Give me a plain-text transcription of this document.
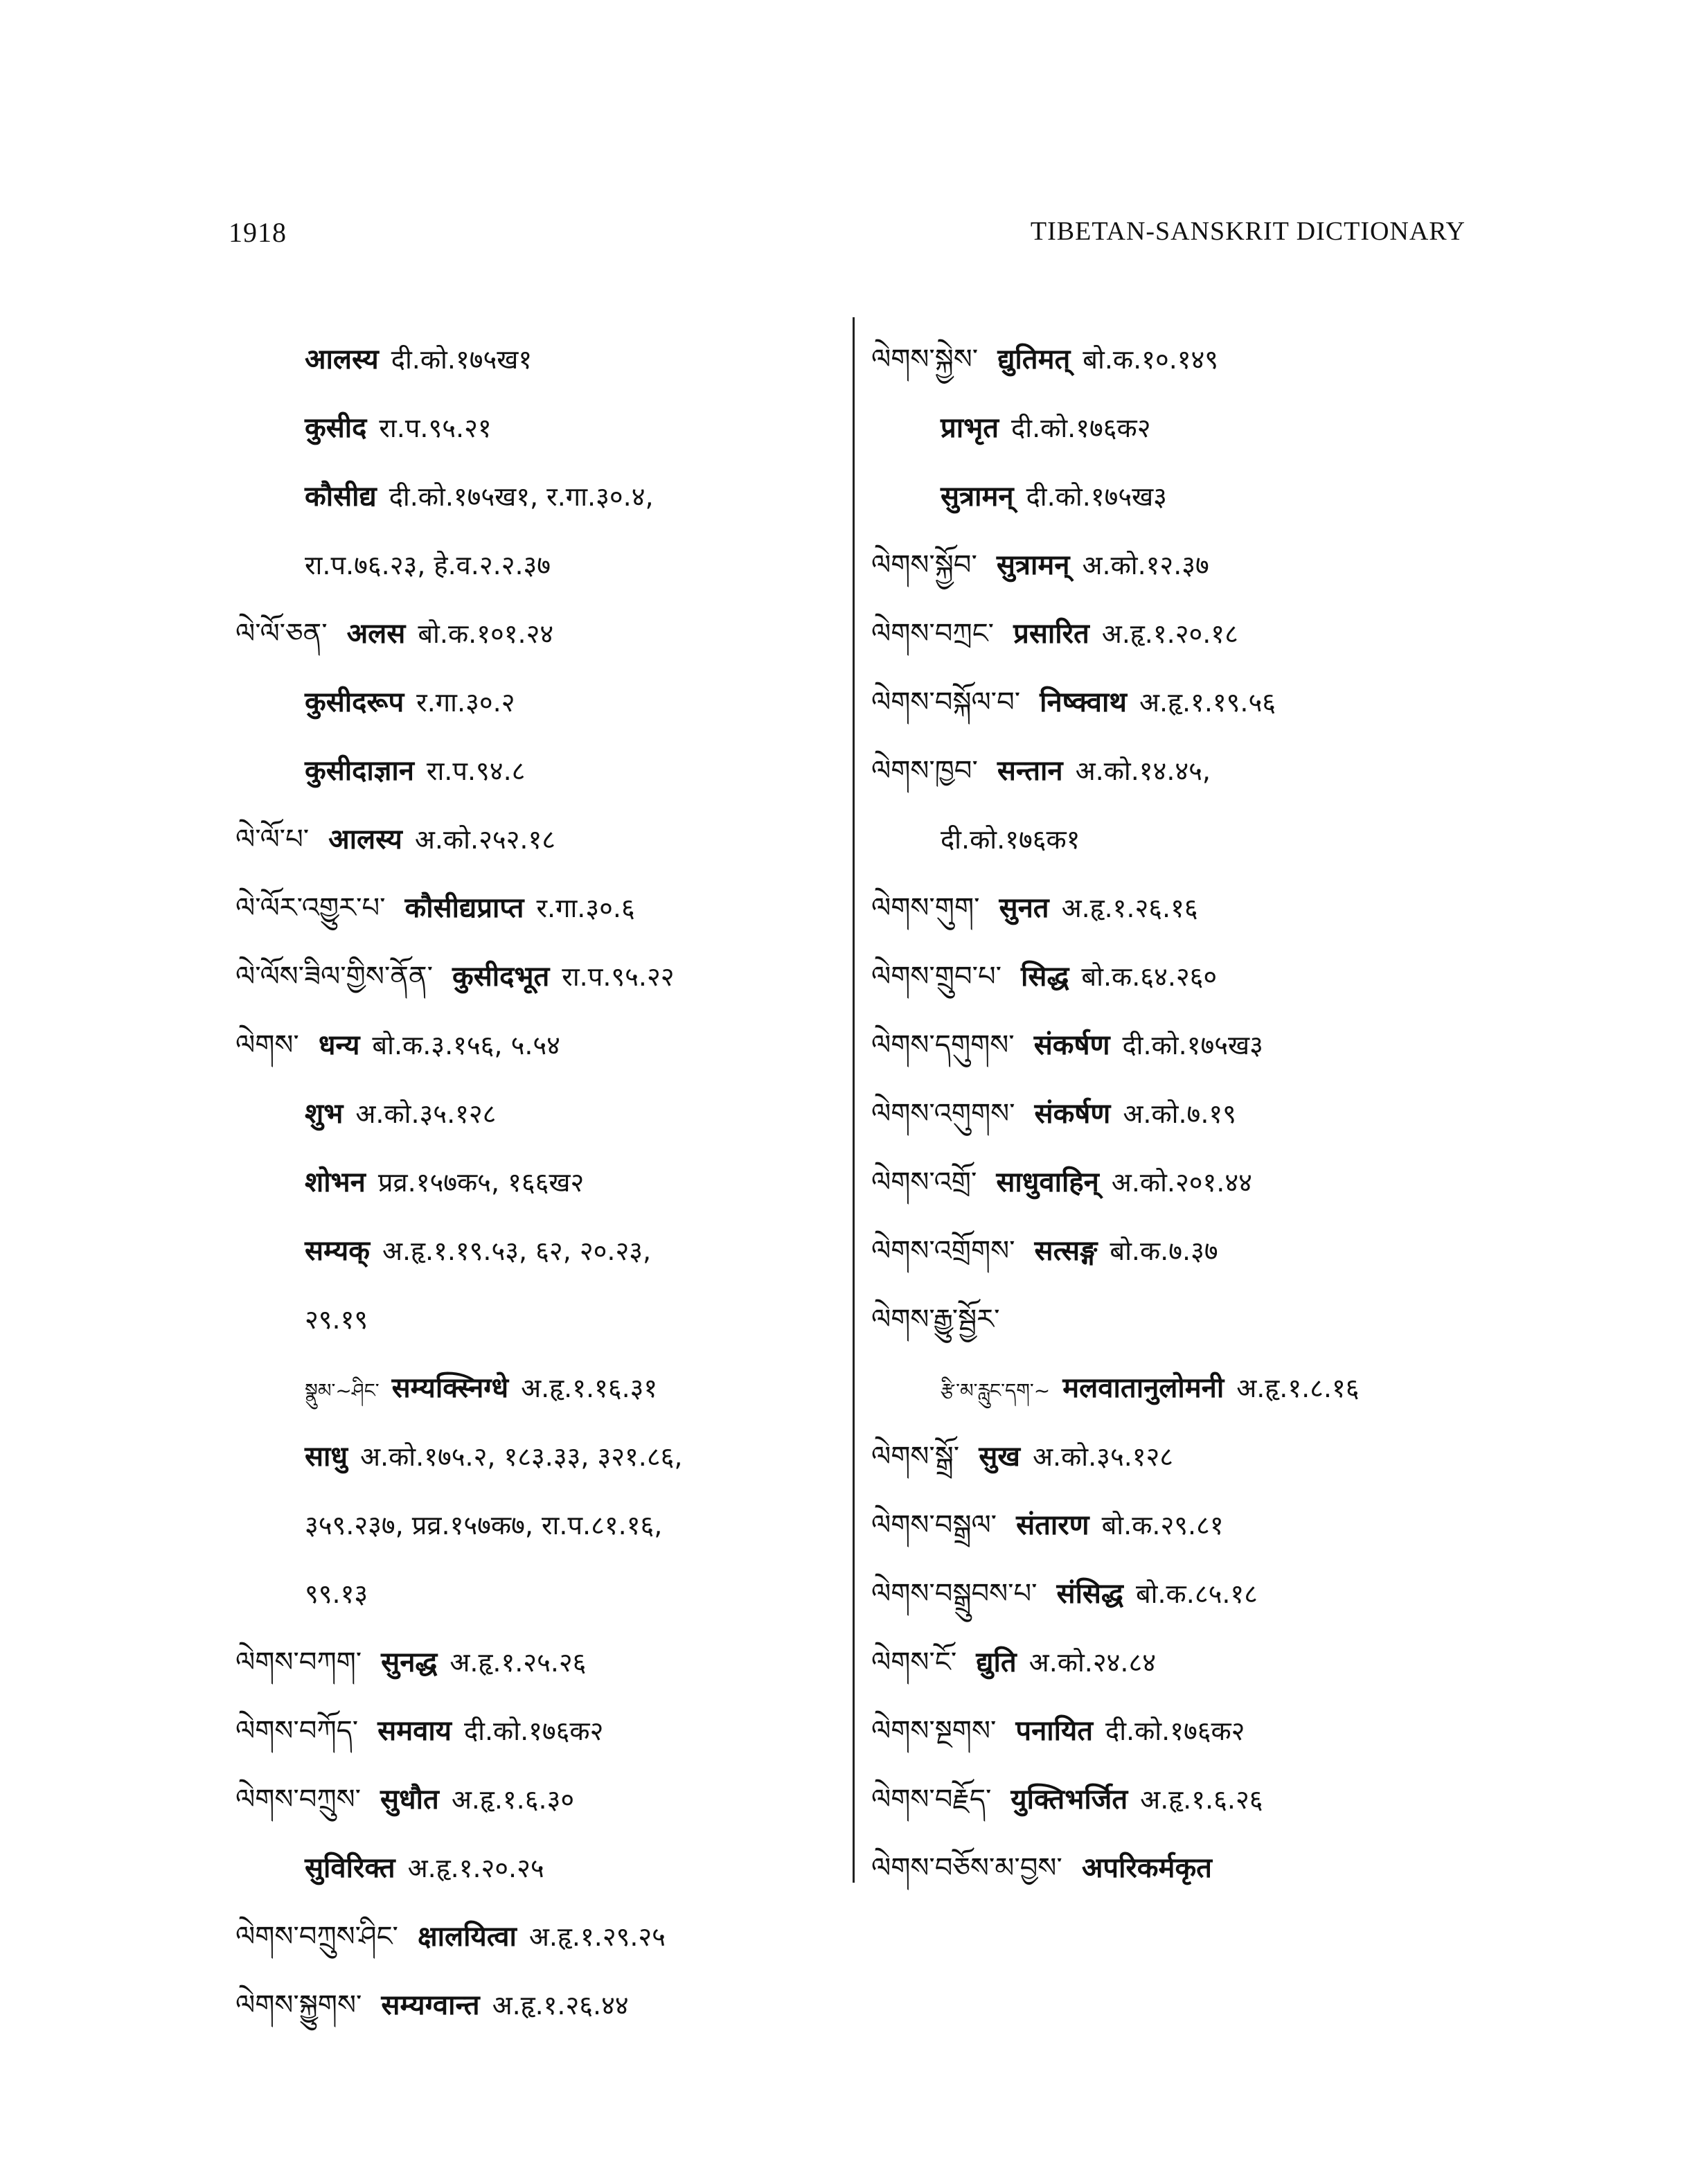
1918	TIBETAN-SANSKRIT DICTIONARY
आलस्य दी.को.१७५ख१
कुसीद रा.प.९५.२१
कौसीद्य दी.को.१७५ख१, र.गा.३०.४,
रा.प.७६.२३, हे.व.२.२.३७
ལེ་ལོ་ཅན་ अलस बो.क.१०१.२४
कुसीदरूप र.गा.३०.२
कुसीदाज्ञान रा.प.९४.८
ལེ་ལོ་པ་ आलस्य अ.को.२५२.१८
ལེ་ལོར་འགྱུར་པ་ कौसीद्यप्राप्त र.गा.३०.६
ལེ་ལོས་ཟིལ་གྱིས་ནོན་ कुसीदभूत रा.प.९५.२२
ལེགས་ धन्य बो.क.३.१५६, ५.५४
शुभ अ.को.३५.१२८
शोभन प्रव्र.१५७क५, १६६ख२
सम्यक् अ.हृ.१.१९.५३, ६२, २०.२३,
२९.१९
སྣུམ་~ཤིང་ सम्यक्स्निग्धे अ.हृ.१.१६.३१
साधु अ.को.१७५.२, १८३.३३, ३२१.८६,
३५९.२३७, प्रव्र.१५७क७, रा.प.८१.१६,
९९.१३
ལེགས་བཀག་ सुनद्ध अ.हृ.१.२५.२६
ལེགས་བཀོད་ समवाय दी.को.१७६क२
ལེགས་བཀྲུས་ सुधौत अ.हृ.१.६.३०
सुविरिक्त अ.हृ.१.२०.२५
ལེགས་བཀྲུས་ཤིང་ क्षालयित्वा अ.हृ.१.२९.२५
ལེགས་སྐྱུགས་ सम्यग्वान्त अ.हृ.१.२६.४४
ལེགས་སྐྱེས་ द्युतिमत् बो.क.१०.१४९
प्राभृत दी.को.१७६क२
सुत्रामन् दी.को.१७५ख३
ལེགས་སྐྱོབ་ सुत्रामन् अ.को.१२.३७
ལེགས་བཀྲང་ प्रसारित अ.हृ.१.२०.१८
ལེགས་བསྐོལ་བ་ निष्क्वाथ अ.हृ.१.१९.५६
ལེགས་ཁྱབ་ सन्तान अ.को.१४.४५,
दी.को.१७६क१
ལེགས་གུག་ सुनत अ.हृ.१.२६.१६
ལེགས་གྲུབ་པ་ सिद्ध बो.क.६४.२६०
ལེགས་དགུགས་ संकर्षण दी.को.१७५ख३
ལེགས་འགུགས་ संकर्षण अ.को.७.१९
ལེགས་འགྲོ་ साधुवाहिन् अ.को.२०१.४४
ལེགས་འགྲོགས་ सत्सङ्ग बो.क.७.३७
ལེགས་རྒྱུ་སྦྱོར་
རྩི་མ་རླུང་དག་~ मलवातानुलोमनी अ.हृ.१.८.१६
ལེགས་སྒྲོ་ सुख अ.को.३५.१२८
ལེགས་བསྒྲལ་ संतारण बो.क.२९.८१
ལེགས་བསྒྲུབས་པ་ संसिद्ध बो.क.८५.१८
ལེགས་ངོ་ द्युति अ.को.२४.८४
ལེགས་སྔགས་ पनायित दी.को.१७६क२
ལེགས་བརྗོད་ युक्तिभर्जित अ.हृ.१.६.२६
ལེགས་བཅོས་མ་བྱས་ अपरिकर्मकृत
